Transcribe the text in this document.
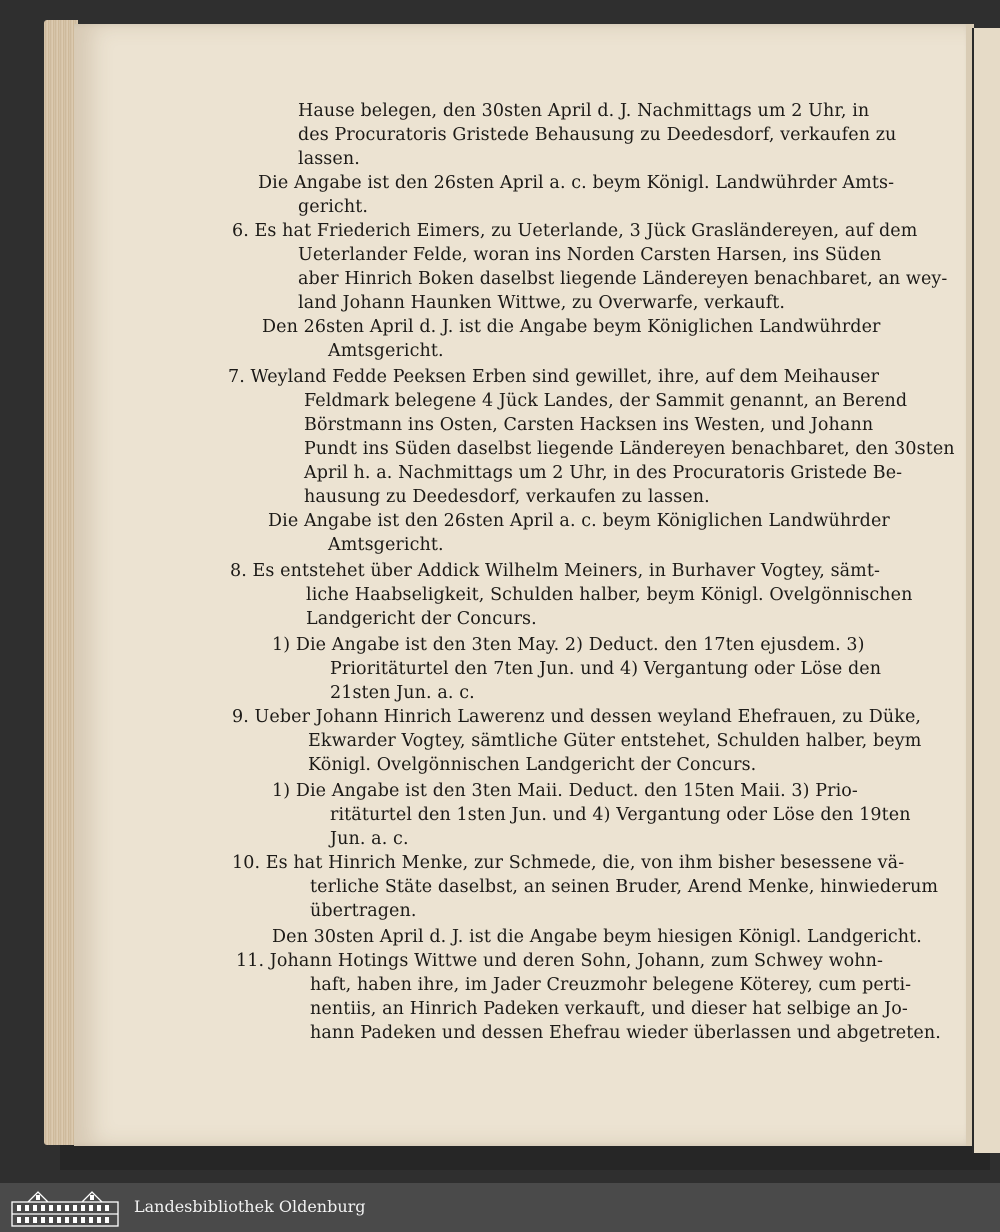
Hause belegen, den 30sten April d. J. Nachmittags um 2 Uhr, in
des Procuratoris Gristede Behausung zu Deedesdorf, verkaufen zu
lassen.
Die Angabe ist den 26sten April a. c. beym Königl. Landwührder Amts-
gericht.
6. Es hat Friederich Eimers, zu Ueterlande, 3 Jück Grasländereyen, auf dem
Ueterlander Felde, woran ins Norden Carsten Harsen, ins Süden
aber Hinrich Boken daselbst liegende Ländereyen benachbaret, an wey-
land Johann Haunken Wittwe, zu Overwarfe, verkauft.
Den 26sten April d. J. ist die Angabe beym Königlichen Landwührder
Amtsgericht.
7. Weyland Fedde Peeksen Erben sind gewillet, ihre, auf dem Meihauser
Feldmark belegene 4 Jück Landes, der Sammit genannt, an Berend
Börstmann ins Osten, Carsten Hacksen ins Westen, und Johann
Pundt ins Süden daselbst liegende Ländereyen benachbaret, den 30sten
April h. a. Nachmittags um 2 Uhr, in des Procuratoris Gristede Be-
hausung zu Deedesdorf, verkaufen zu lassen.
Die Angabe ist den 26sten April a. c. beym Königlichen Landwührder
Amtsgericht.
8. Es entstehet über Addick Wilhelm Meiners, in Burhaver Vogtey, sämt-
liche Haabseligkeit, Schulden halber, beym Königl. Ovelgönnischen
Landgericht der Concurs.
1) Die Angabe ist den 3ten May. 2) Deduct. den 17ten ejusdem. 3)
Prioritäturtel den 7ten Jun. und 4) Vergantung oder Löse den
21sten Jun. a. c.
9. Ueber Johann Hinrich Lawerenz und dessen weyland Ehefrauen, zu Düke,
Ekwarder Vogtey, sämtliche Güter entstehet, Schulden halber, beym
Königl. Ovelgönnischen Landgericht der Concurs.
1) Die Angabe ist den 3ten Maii. Deduct. den 15ten Maii. 3) Prio-
ritäturtel den 1sten Jun. und 4) Vergantung oder Löse den 19ten
Jun. a. c.
10. Es hat Hinrich Menke, zur Schmede, die, von ihm bisher besessene vä-
terliche Stäte daselbst, an seinen Bruder, Arend Menke, hinwiederum
übertragen.
Den 30sten April d. J. ist die Angabe beym hiesigen Königl. Landgericht.
11. Johann Hotings Wittwe und deren Sohn, Johann, zum Schwey wohn-
haft, haben ihre, im Jader Creuzmohr belegene Köterey, cum perti-
nentiis, an Hinrich Padeken verkauft, und dieser hat selbige an Jo-
hann Padeken und dessen Ehefrau wieder überlassen und abgetreten.
Landesbibliothek Oldenburg
